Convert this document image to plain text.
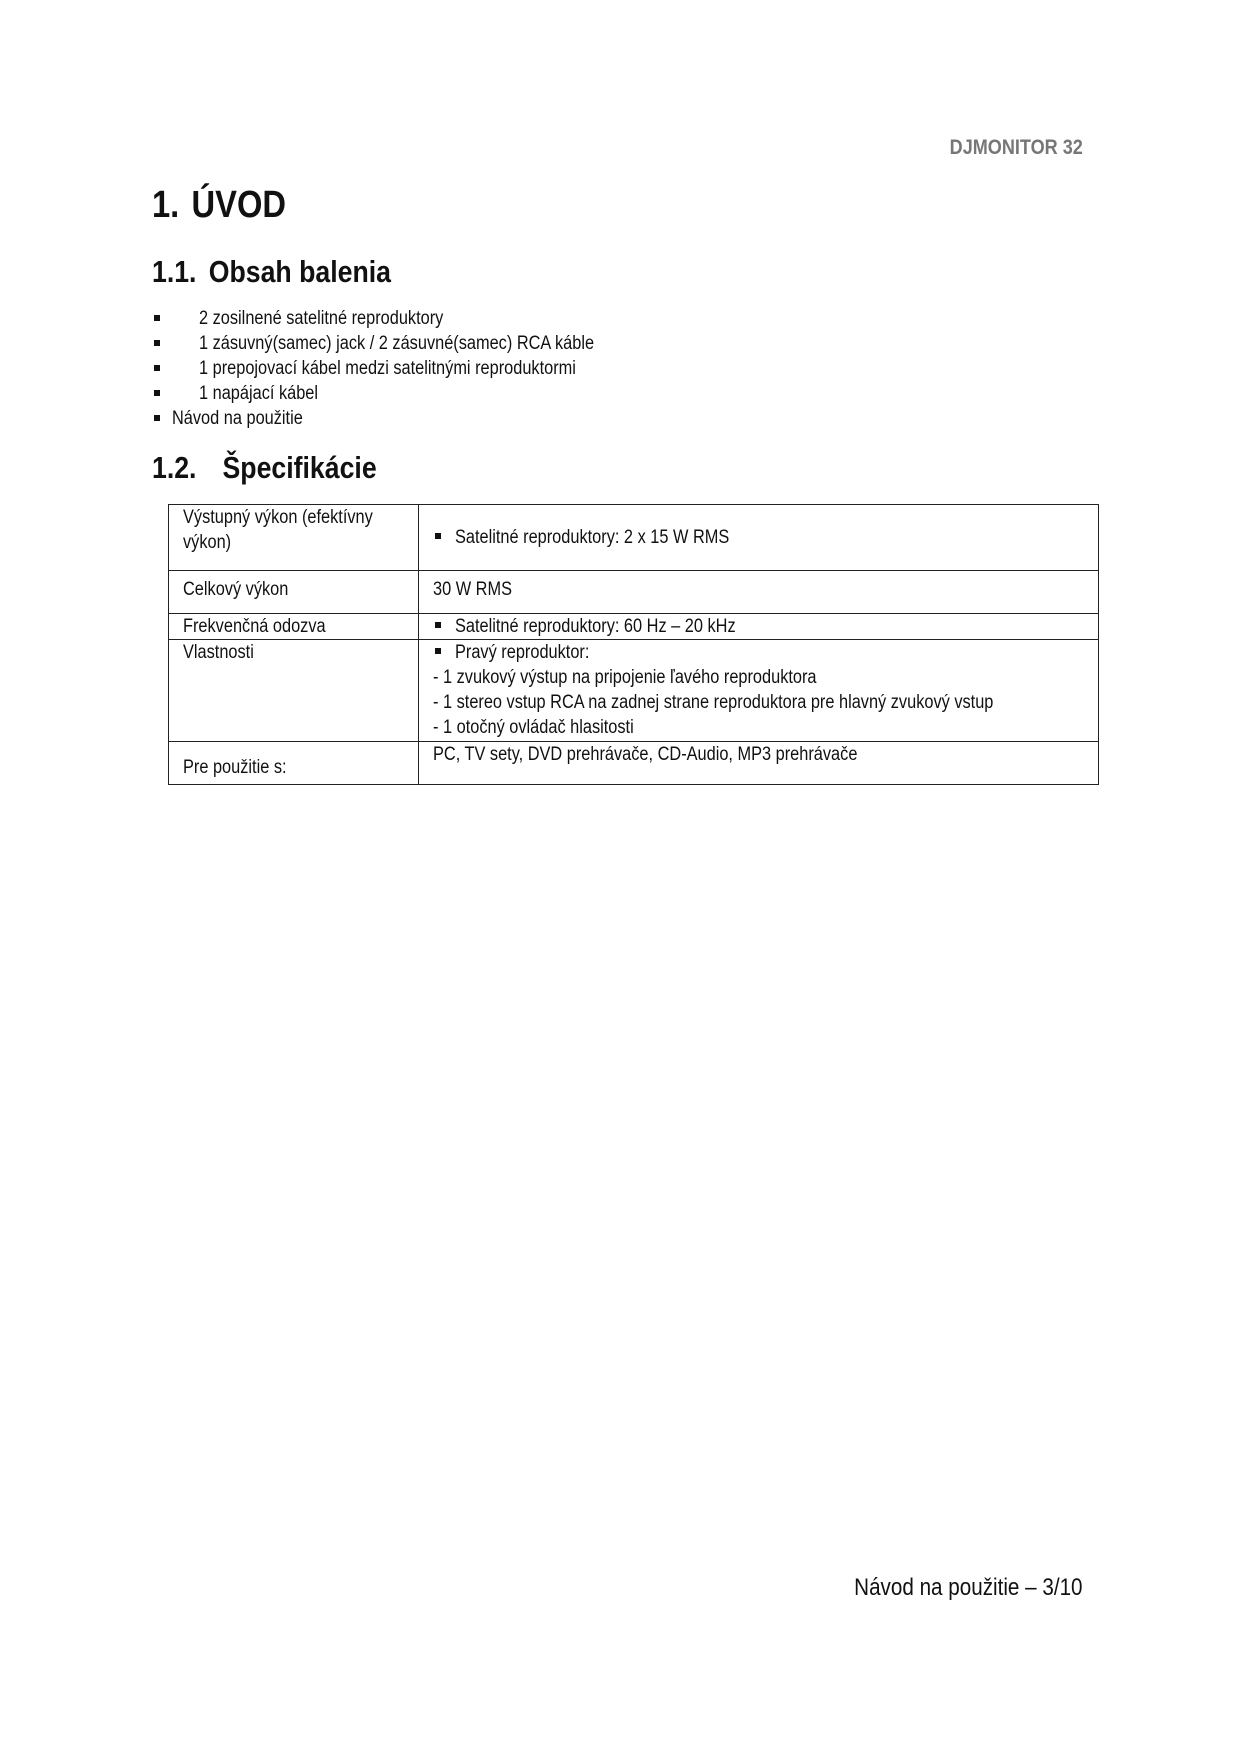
DJMONITOR 32
1. ÚVOD
1.1. Obsah balenia
2 zosilnené satelitné reproduktory
1 zásuvný(samec) jack / 2 zásuvné(samec) RCA káble
1 prepojovací kábel medzi satelitnými reproduktormi
1 napájací kábel
Návod na použitie
1.2. Špecifikácie
Výstupný výkon (efektívny
výkon)	Satelitné reproduktory: 2 x 15 W RMS
Celkový výkon	30 W RMS
Frekvenčná odozva	Satelitné reproduktory: 60 Hz – 20 kHz
Vlastnosti	Pravý reproduktor:
- 1 zvukový výstup na pripojenie ľavého reproduktora
- 1 stereo vstup RCA na zadnej strane reproduktora pre hlavný zvukový vstup
- 1 otočný ovládač hlasitosti
Pre použitie s:	PC, TV sety, DVD prehrávače, CD-Audio, MP3 prehrávače
Návod na použitie – 3/10
